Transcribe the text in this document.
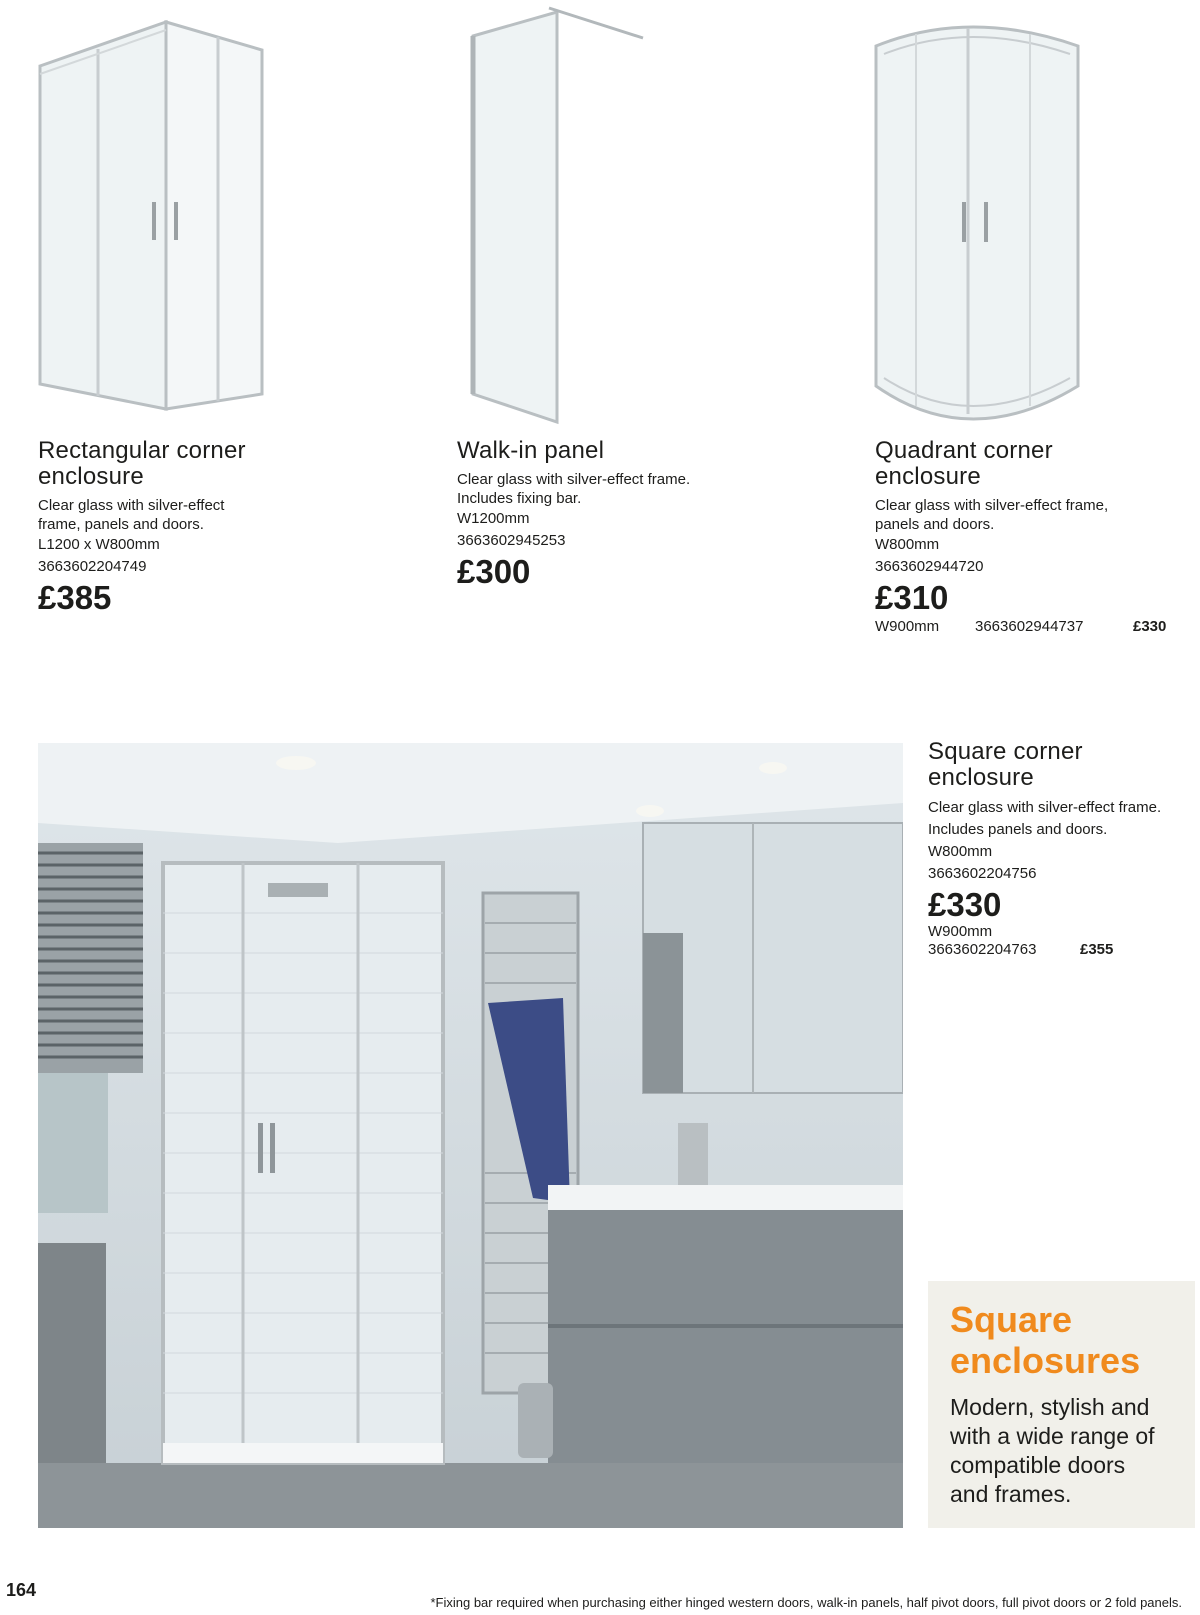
Rectangular corner
enclosure

Clear glass with silver-effect
frame, panels and doors.

L1200 x W800mm

3663602204749

£385

Walk-in panel

Clear glass with silver-effect frame.
Includes fixing bar.

W1200mm

3663602945253

£300

Quadrant corner
enclosure

Clear glass with silver-effect frame,
panels and doors.

W800mm

3663602944720

£310

W900mm	3663602944737	£330
Square corner
enclosure

Clear glass with silver-effect frame.
Includes panels and doors.

W800mm

3663602204756

£330

W900mm

3663602204763	£355
Square
enclosures

Modern, stylish and
with a wide range of
compatible doors
and frames.

164
*Fixing bar required when purchasing either hinged western doors, walk-in panels, half pivot doors, full pivot doors or 2 fold panels.
